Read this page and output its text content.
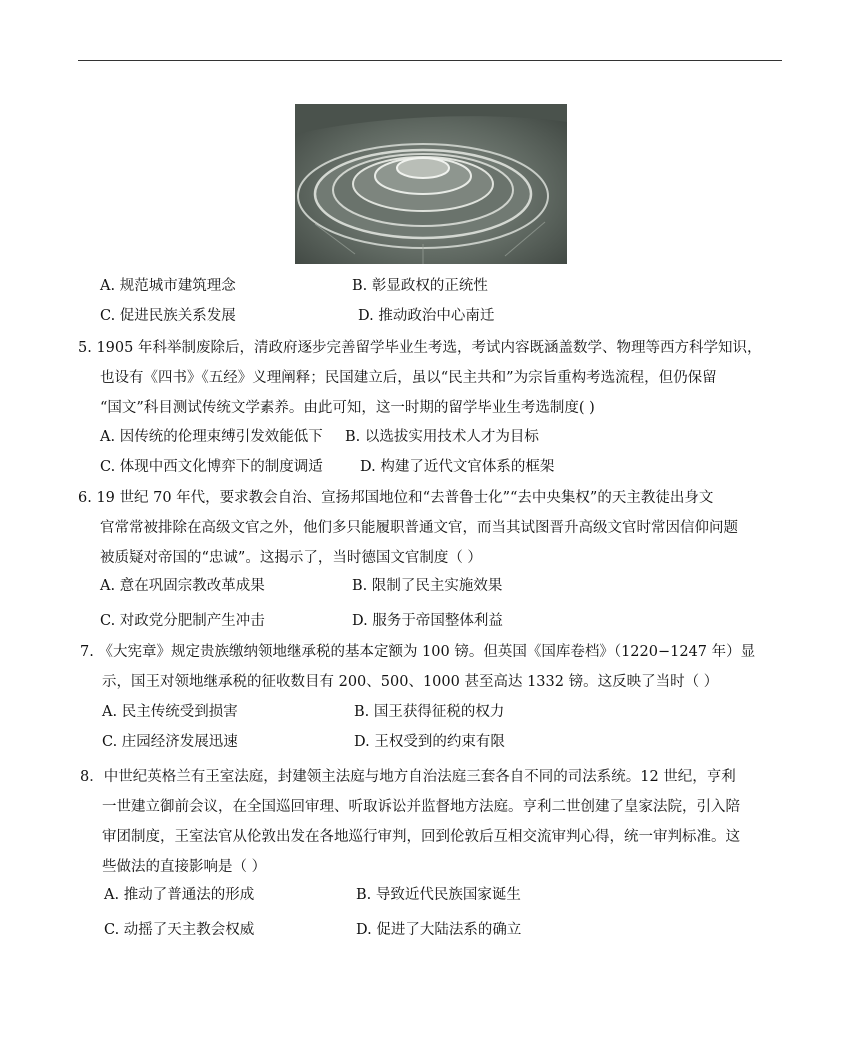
A. 规范城市建筑理念	B. 彰显政权的正统性
C. 促进民族关系发展	D. 推动政治中心南迁
5. 1905 年科举制废除后，清政府逐步完善留学毕业生考选，考试内容既涵盖数学、物理等西方科学知识，
也设有《四书》《五经》义理阐释；民国建立后，虽以“民主共和”为宗旨重构考选流程，但仍保留
“国文”科目测试传统文学素养。由此可知，这一时期的留学毕业生考选制度( )
A. 因传统的伦理束缚引发效能低下 B. 以选拔实用技术人才为目标
C. 体现中西文化博弈下的制度调适	D. 构建了近代文官体系的框架
6. 19 世纪 70 年代，要求教会自治、宣扬邦国地位和“去普鲁士化”“去中央集权”的天主教徒出身文
官常常被排除在高级文官之外，他们多只能履职普通文官，而当其试图晋升高级文官时常因信仰问题
被质疑对帝国的“忠诚”。这揭示了，当时德国文官制度（ ）
A. 意在巩固宗教改革成果	B. 限制了民主实施效果
C. 对政党分肥制产生冲击	D. 服务于帝国整体利益
7. 《大宪章》规定贵族缴纳领地继承税的基本定额为 100 镑。但英国《国库卷档》（1220−1247 年）显
示，国王对领地继承税的征收数目有 200、500、1000 甚至高达 1332 镑。这反映了当时（ ）
A. 民主传统受到损害	B. 国王获得征税的权力
C. 庄园经济发展迅速	D. 王权受到的约束有限
8．中世纪英格兰有王室法庭，封建领主法庭与地方自治法庭三套各自不同的司法系统。12 世纪，亨利
一世建立御前会议，在全国巡回审理、听取诉讼并监督地方法庭。亨利二世创建了皇家法院，引入陪
审团制度，王室法官从伦敦出发在各地巡行审判，回到伦敦后互相交流审判心得，统一审判标准。这
些做法的直接影响是（ ）
A. 推动了普通法的形成	B. 导致近代民族国家诞生
C. 动摇了天主教会权威	D. 促进了大陆法系的确立
